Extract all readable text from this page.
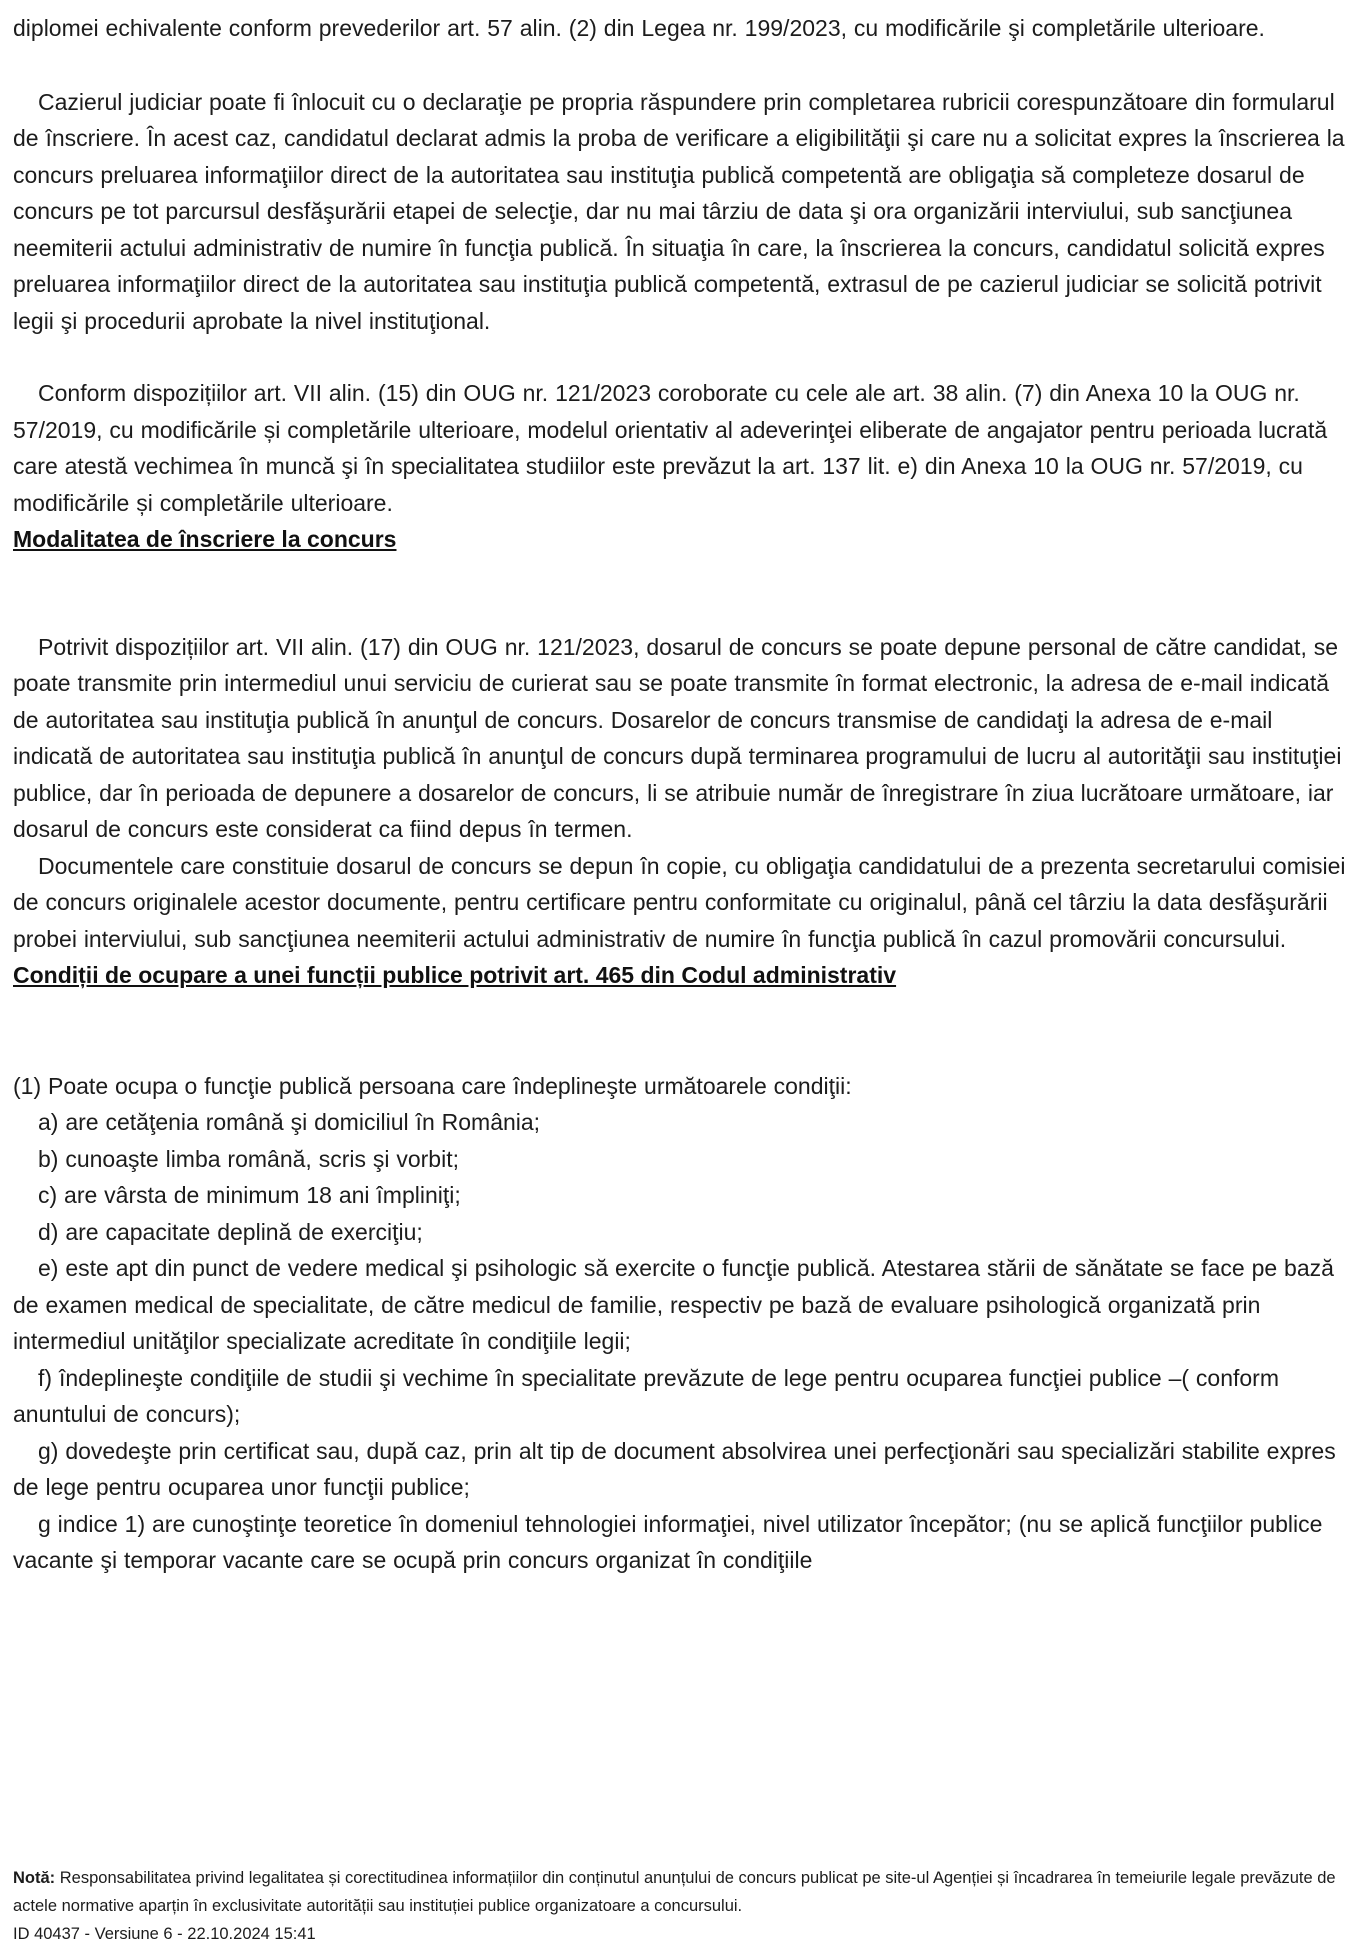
diplomei echivalente conform prevederilor art. 57 alin. (2) din Legea nr. 199/2023, cu modificările şi completările ulterioare.

Cazierul judiciar poate fi înlocuit cu o declaraţie pe propria răspundere prin completarea rubricii corespunzătoare din formularul de înscriere. În acest caz, candidatul declarat admis la proba de verificare a eligibilităţii şi care nu a solicitat expres la înscrierea la concurs preluarea informaţiilor direct de la autoritatea sau instituţia publică competentă are obligaţia să completeze dosarul de concurs pe tot parcursul desfăşurării etapei de selecţie, dar nu mai târziu de data şi ora organizării interviului, sub sancţiunea neemiterii actului administrativ de numire în funcţia publică. În situaţia în care, la înscrierea la concurs, candidatul solicită expres preluarea informaţiilor direct de la autoritatea sau instituţia publică competentă, extrasul de pe cazierul judiciar se solicită potrivit legii şi procedurii aprobate la nivel instituţional.

Conform dispozițiilor art. VII alin. (15) din OUG nr. 121/2023 coroborate cu cele ale art. 38 alin. (7) din Anexa 10 la OUG nr. 57/2019, cu modificările și completările ulterioare, modelul orientativ al adeverinţei eliberate de angajator pentru perioada lucrată care atestă vechimea în muncă şi în specialitatea studiilor este prevăzut la art. 137 lit. e) din Anexa 10 la OUG nr. 57/2019, cu modificările și completările ulterioare.

Modalitatea de înscriere la concurs

Potrivit dispozițiilor art. VII alin. (17) din OUG nr. 121/2023, dosarul de concurs se poate depune personal de către candidat, se poate transmite prin intermediul unui serviciu de curierat sau se poate transmite în format electronic, la adresa de e-mail indicată de autoritatea sau instituţia publică în anunţul de concurs. Dosarelor de concurs transmise de candidaţi la adresa de e-mail indicată de autoritatea sau instituţia publică în anunţul de concurs după terminarea programului de lucru al autorităţii sau instituţiei publice, dar în perioada de depunere a dosarelor de concurs, li se atribuie număr de înregistrare în ziua lucrătoare următoare, iar dosarul de concurs este considerat ca fiind depus în termen.

Documentele care constituie dosarul de concurs se depun în copie, cu obligaţia candidatului de a prezenta secretarului comisiei de concurs originalele acestor documente, pentru certificare pentru conformitate cu originalul, până cel târziu la data desfăşurării probei interviului, sub sancţiunea neemiterii actului administrativ de numire în funcţia publică în cazul promovării concursului.

Condiții de ocupare a unei funcții publice potrivit art. 465 din Codul administrativ

(1) Poate ocupa o funcţie publică persoana care îndeplineşte următoarele condiţii:

a) are cetăţenia română şi domiciliul în România;

b) cunoaşte limba română, scris şi vorbit;

c) are vârsta de minimum 18 ani împliniţi;

d) are capacitate deplină de exerciţiu;

e) este apt din punct de vedere medical şi psihologic să exercite o funcţie publică. Atestarea stării de sănătate se face pe bază de examen medical de specialitate, de către medicul de familie, respectiv pe bază de evaluare psihologică organizată prin intermediul unităţilor specializate acreditate în condiţiile legii;

f) îndeplineşte condiţiile de studii şi vechime în specialitate prevăzute de lege pentru ocuparea funcţiei publice –( conform anuntului de concurs);

g) dovedeşte prin certificat sau, după caz, prin alt tip de document absolvirea unei perfecţionări sau specializări stabilite expres de lege pentru ocuparea unor funcţii publice;

g indice 1) are cunoştinţe teoretice în domeniul tehnologiei informaţiei, nivel utilizator începător; (nu se aplică funcţiilor publice vacante şi temporar vacante care se ocupă prin concurs organizat în condiţiile

Notă: Responsabilitatea privind legalitatea și corectitudinea informațiilor din conținutul anunțului de concurs publicat pe site-ul Agenției și încadrarea în temeiurile legale prevăzute de actele normative aparțin în exclusivitate autorității sau instituției publice organizatoare a concursului.

ID 40437 - Versiune 6 - 22.10.2024 15:41
